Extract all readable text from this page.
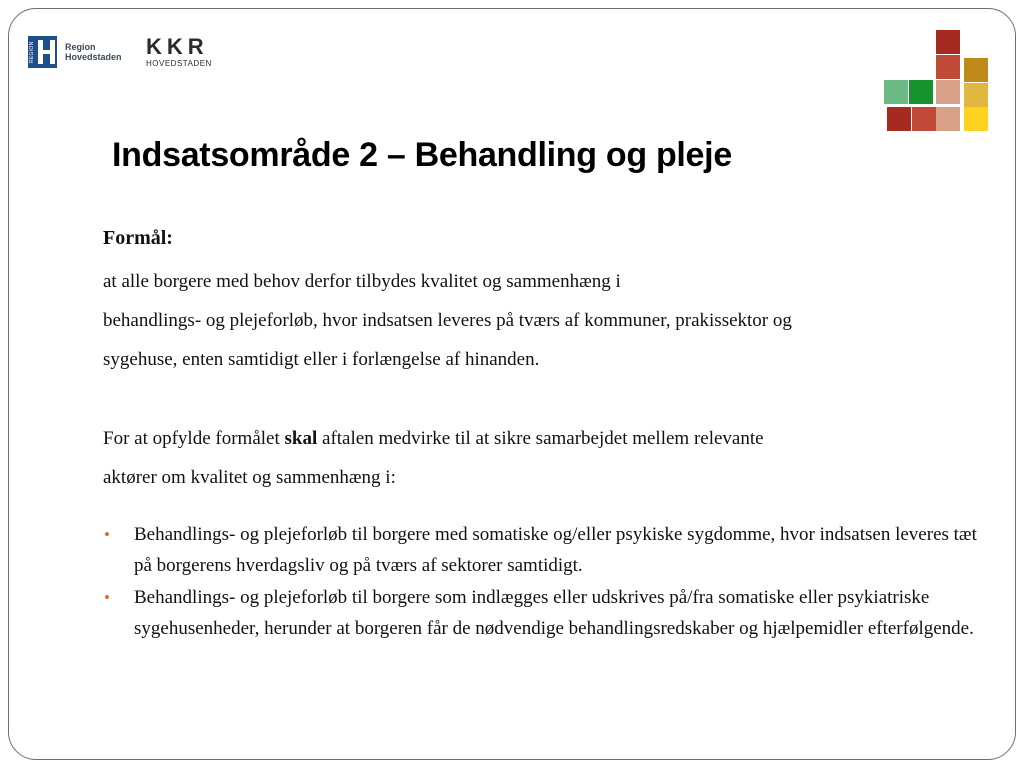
REGION	Region
Hovedstaden KKR
HOVEDSTADEN
Indsatsområde 2 – Behandling og pleje
Formål:

at alle borgere med behov derfor tilbydes kvalitet og sammenhæng i

behandlings- og plejeforløb, hvor indsatsen leveres på tværs af kommuner, prakissektor og

sygehuse, enten samtidigt eller i forlængelse af hinanden.

For at opfylde formålet skal aftalen medvirke til at sikre samarbejdet mellem relevante

aktører om kvalitet og sammenhæng i:

• Behandlings- og plejeforløb til borgere med somatiske og/eller psykiske sygdomme, hvor indsatsen leveres tæt på borgerens hverdagsliv og på tværs af sektorer samtidigt.
• Behandlings- og plejeforløb til borgere som indlægges eller udskrives på/fra somatiske eller psykiatriske sygehusenheder, herunder at borgeren får de nødvendige behandlingsredskaber og hjælpemidler efterfølgende.
